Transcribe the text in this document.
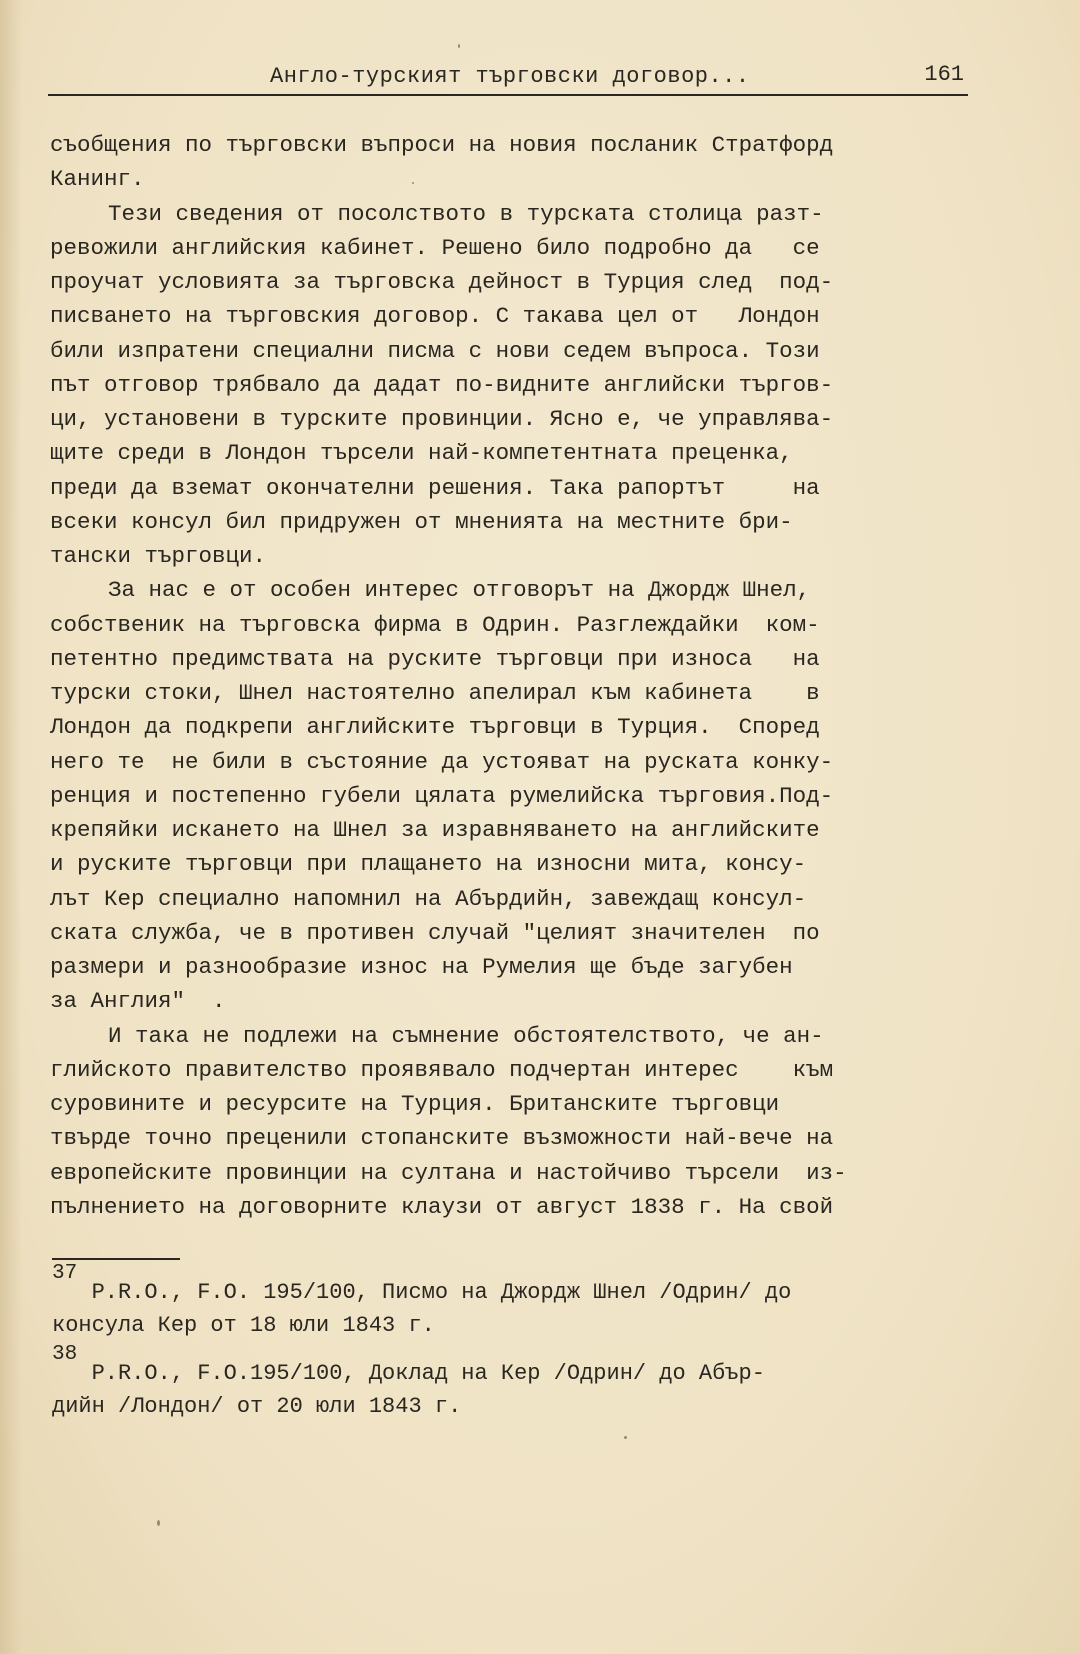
Англо-турският търговски договор...	161
съобщения по търговски въпроси на новия посланик Стратфорд
Канинг.
Тези сведения от посолството в турската столица разт-
ревожили английския кабинет. Решено било подробно да   се
проучат условията за търговска дейност в Турция след  под-
писването на търговския договор. С такава цел от   Лондон
били изпратени специални писма с нови седем въпроса. Този
път отговор трябвало да дадат по-видните английски търгов-
ци, установени в турските провинции. Ясно е, че управлява-
щите среди в Лондон търсели най-компетентната преценка,
преди да вземат окончателни решения. Така рапортът     на
всеки консул бил придружен от мненията на местните бри-
тански търговци.
За нас е от особен интерес отговорът на Джордж Шнел,
собственик на търговска фирма в Одрин. Разглеждайки  ком-
петентно предимствата на руските търговци при износа   на
турски стоки, Шнел настоятелно апелирал към кабинета    в
Лондон да подкрепи английските търговци в Турция.  Според
него те  не били в състояние да устояват на руската конку-
ренция и постепенно губели цялата румелийска търговия.Под-
крепяйки искането на Шнел за изравняването на английските
и руските търговци при плащането на износни мита, консу-
лът Кер специално напомнил на Абърдийн, завеждащ консул-
ската служба, че в противен случай "целият значителен  по
размери и разнообразие износ на Румелия ще бъде загубен
за Англия"  .
И така не подлежи на съмнение обстоятелството, че ан-
глийското правителство проявявало подчертан интерес    към
суровините и ресурсите на Турция. Британските търговци
твърде точно преценили стопанските възможности най-вече на
европейските провинции на султана и настойчиво търсели  из-
пълнението на договорните клаузи от август 1838 г. На свой
37
P.R.O., F.O. 195/100, Писмо на Джордж Шнел /Одрин/ до
консула Кер от 18 юли 1843 г.
38
P.R.O., F.O.195/100, Доклад на Кер /Одрин/ до Абър-
дийн /Лондон/ от 20 юли 1843 г.
